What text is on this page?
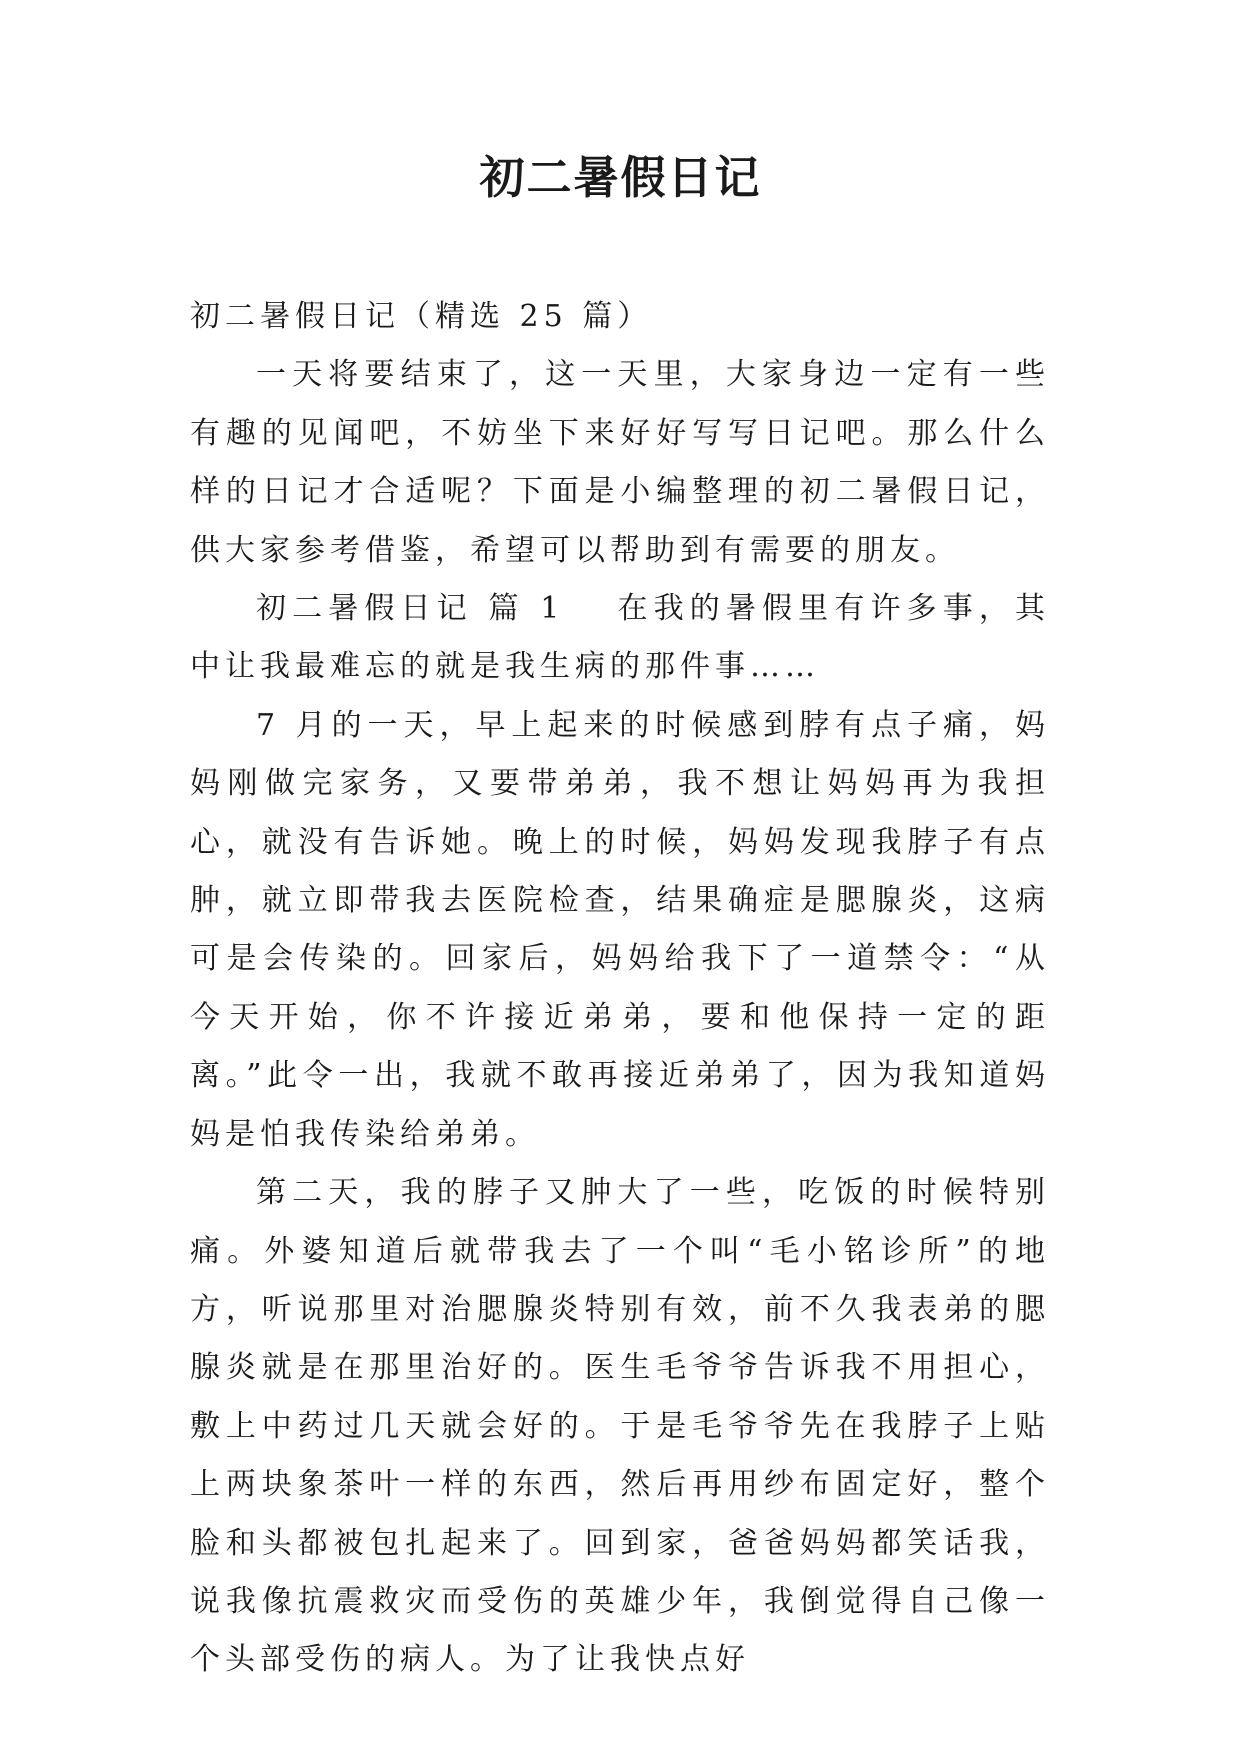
初二暑假日记

初二暑假日记（精选 25 篇）

一天将要结束了，这一天里，大家身边一定有一些有趣的见闻吧，不妨坐下来好好写写日记吧。那么什么样的日记才合适呢？下面是小编整理的初二暑假日记，供大家参考借鉴，希望可以帮助到有需要的朋友。

初二暑假日记 篇 1 在我的暑假里有许多事，其中让我最难忘的就是我生病的那件事……

7 月的一天，早上起来的时候感到脖有点子痛，妈妈刚做完家务，又要带弟弟，我不想让妈妈再为我担心，就没有告诉她。晚上的时候，妈妈发现我脖子有点肿，就立即带我去医院检查，结果确症是腮腺炎，这病可是会传染的。回家后，妈妈给我下了一道禁令：“从今天开始，你不许接近弟弟，要和他保持一定的距离。”此令一出，我就不敢再接近弟弟了，因为我知道妈妈是怕我传染给弟弟。

第二天，我的脖子又肿大了一些，吃饭的时候特别痛。外婆知道后就带我去了一个叫“毛小铭诊所”的地方，听说那里对治腮腺炎特别有效，前不久我表弟的腮腺炎就是在那里治好的。医生毛爷爷告诉我不用担心，敷上中药过几天就会好的。于是毛爷爷先在我脖子上贴上两块象茶叶一样的东西，然后再用纱布固定好，整个脸和头都被包扎起来了。回到家，爸爸妈妈都笑话我，说我像抗震救灾而受伤的英雄少年，我倒觉得自己像一个头部受伤的病人。为了让我快点好
